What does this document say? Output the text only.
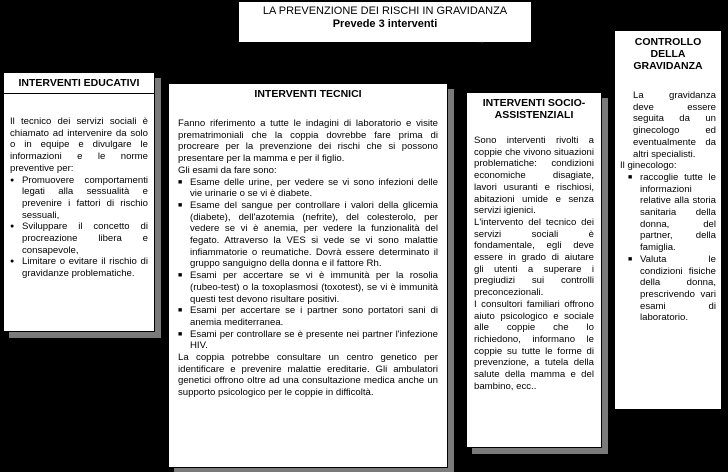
LA PREVENZIONE DEI RISCHI IN GRAVIDANZA
Prevede 3 interventi
→
INTERVENTI EDUCATIVI

Il tecnico dei servizi sociali è chiamato ad intervenire da solo o in equipe e divulgare le informazioni e le norme preventive per:

● Promuovere comportamenti legati alla sessualità e prevenire i fattori di rischio sessuali,
● Sviluppare il concetto di procreazione libera e consapevole,
● Limitare o evitare il rischio di gravidanze problematiche.
INTERVENTI TECNICI

Fanno riferimento a tutte le indagini di laboratorio e visite prematrimoniali che la coppia dovrebbe fare prima di procreare per la prevenzione dei rischi che si possono presentare per la mamma e per il figlio.

Gli esami da fare sono:

■ Esame delle urine, per vedere se vi sono infezioni delle vie urinarie o se vi è diabete.
■ Esame del sangue per controllare i valori della glicemia (diabete), dell'azotemia (nefrite), del colesterolo, per vedere se vi è anemia, per vedere la funzionalità del fegato. Attraverso la VES si vede se vi sono malattie infiammatorie o reumatiche. Dovrà essere determinato il gruppo sanguigno della donna e il fattore Rh.
■ Esami per accertare se vi è immunità per la rosolia (rubeo-test) o la toxoplasmosi (toxotest), se vi è immunità questi test devono risultare positivi.
■ Esami per accertare se i partner sono portatori sani di anemia mediterranea.
■ Esami per controllare se è presente nei partner l'infezione HIV.

La coppia potrebbe consultare un centro genetico per identificare e prevenire malattie ereditarie. Gli ambulatori genetici offrono oltre ad una consultazione medica anche un supporto psicologico per le coppie in difficoltà.

INTERVENTI SOCIO-ASSISTENZIALI

Sono interventi rivolti a coppie che vivono situazioni problematiche: condizioni economiche disagiate, lavori usuranti e rischiosi, abitazioni umide e senza servizi igienici.

L'intervento del tecnico dei servizi sociali è fondamentale, egli deve essere in grado di aiutare gli utenti a superare i pregiudizi sui controlli preconcezionali.

I consultori familiari offrono aiuto psicologico e sociale alle coppie che lo richiedono, informano le coppie su tutte le forme di prevenzione, a tutela della salute della mamma e del bambino, ecc..

CONTROLLO DELLA GRAVIDANZA

La gravidanza deve essere seguita da un ginecologo ed eventualmente da altri specialisti.

Il ginecologo:

■ raccoglie tutte le informazioni relative alla storia sanitaria della donna, del partner, della famiglia.
■ Valuta le condizioni fisiche della donna, prescrivendo vari esami di laboratorio.
